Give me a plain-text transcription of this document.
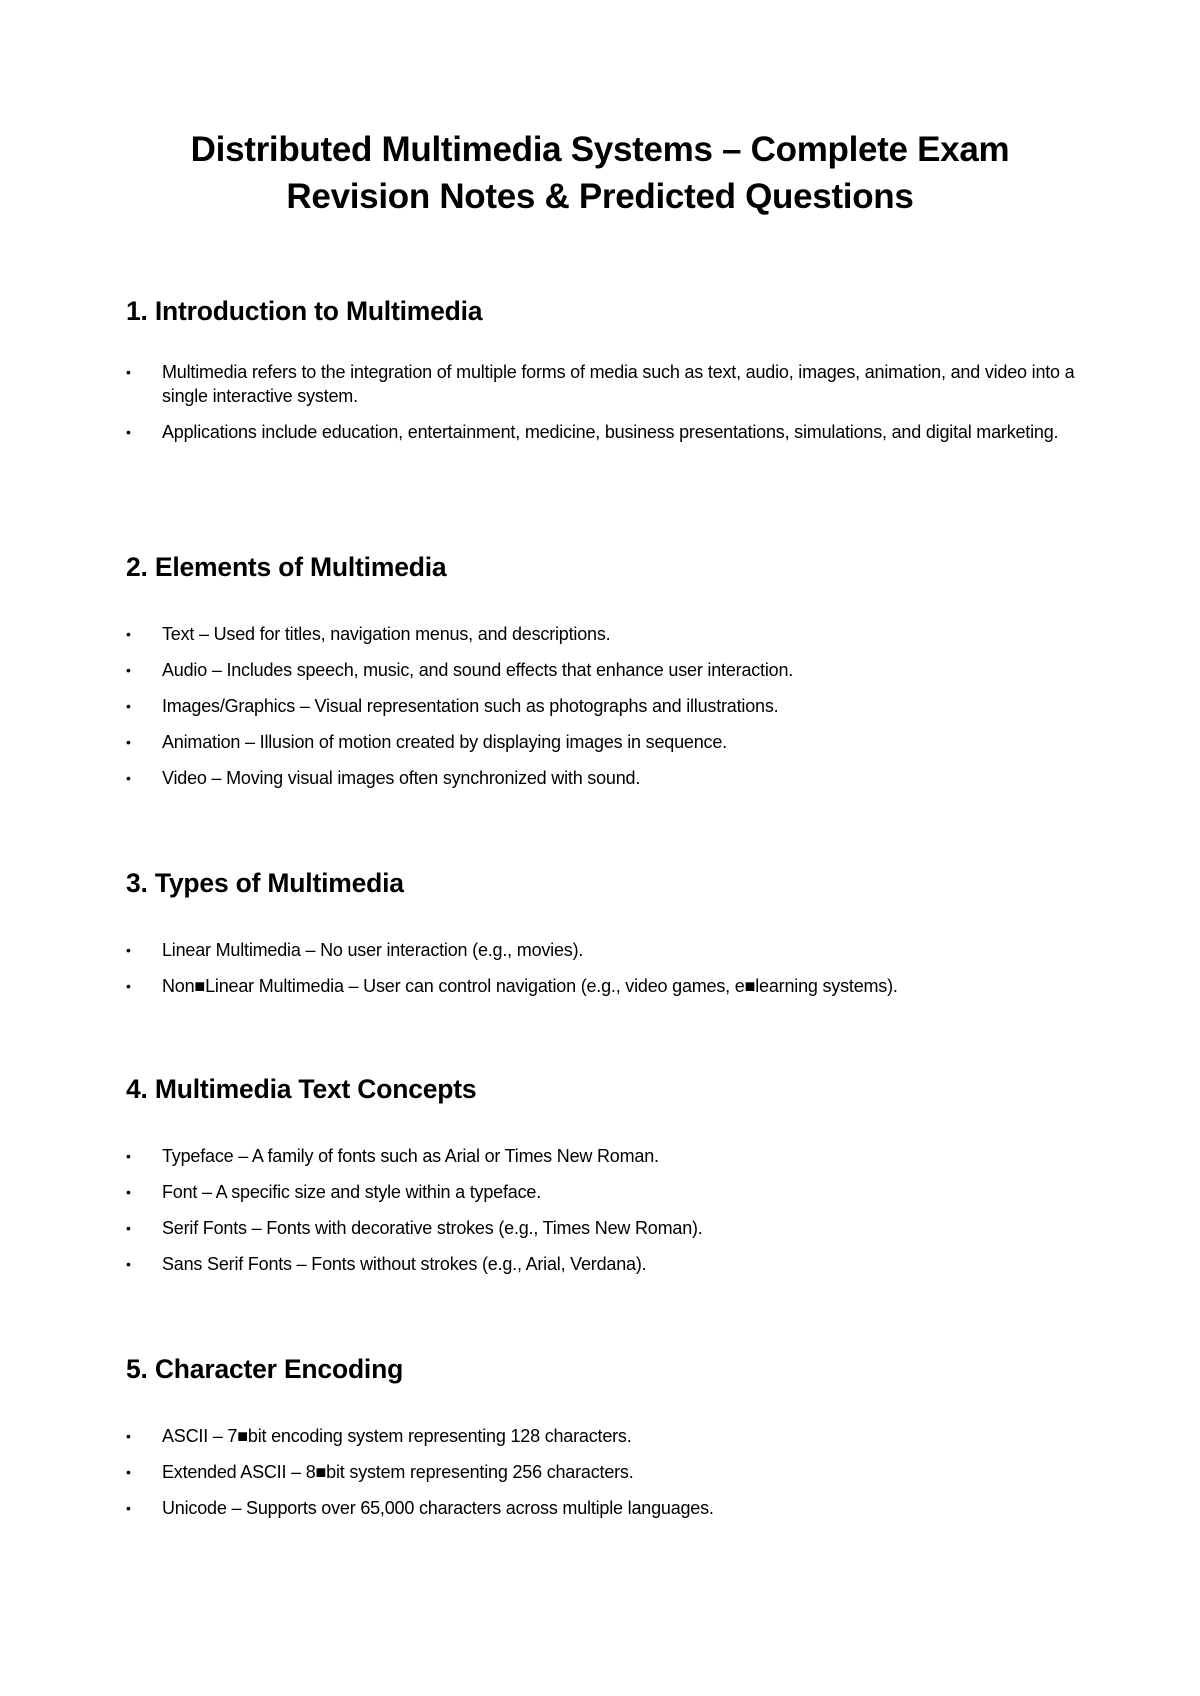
Distributed Multimedia Systems – Complete Exam
Revision Notes & Predicted Questions
1. Introduction to Multimedia
• Multimedia refers to the integration of multiple forms of media such as text, audio, images, animation, and video into a single interactive system.
• Applications include education, entertainment, medicine, business presentations, simulations, and digital marketing.
2. Elements of Multimedia
• Text – Used for titles, navigation menus, and descriptions.
• Audio – Includes speech, music, and sound effects that enhance user interaction.
• Images/Graphics – Visual representation such as photographs and illustrations.
• Animation – Illusion of motion created by displaying images in sequence.
• Video – Moving visual images often synchronized with sound.
3. Types of Multimedia
• Linear Multimedia – No user interaction (e.g., movies).
• Non■Linear Multimedia – User can control navigation (e.g., video games, e■learning systems).
4. Multimedia Text Concepts
• Typeface – A family of fonts such as Arial or Times New Roman.
• Font – A specific size and style within a typeface.
• Serif Fonts – Fonts with decorative strokes (e.g., Times New Roman).
• Sans Serif Fonts – Fonts without strokes (e.g., Arial, Verdana).
5. Character Encoding
• ASCII – 7■bit encoding system representing 128 characters.
• Extended ASCII – 8■bit system representing 256 characters.
• Unicode – Supports over 65,000 characters across multiple languages.
